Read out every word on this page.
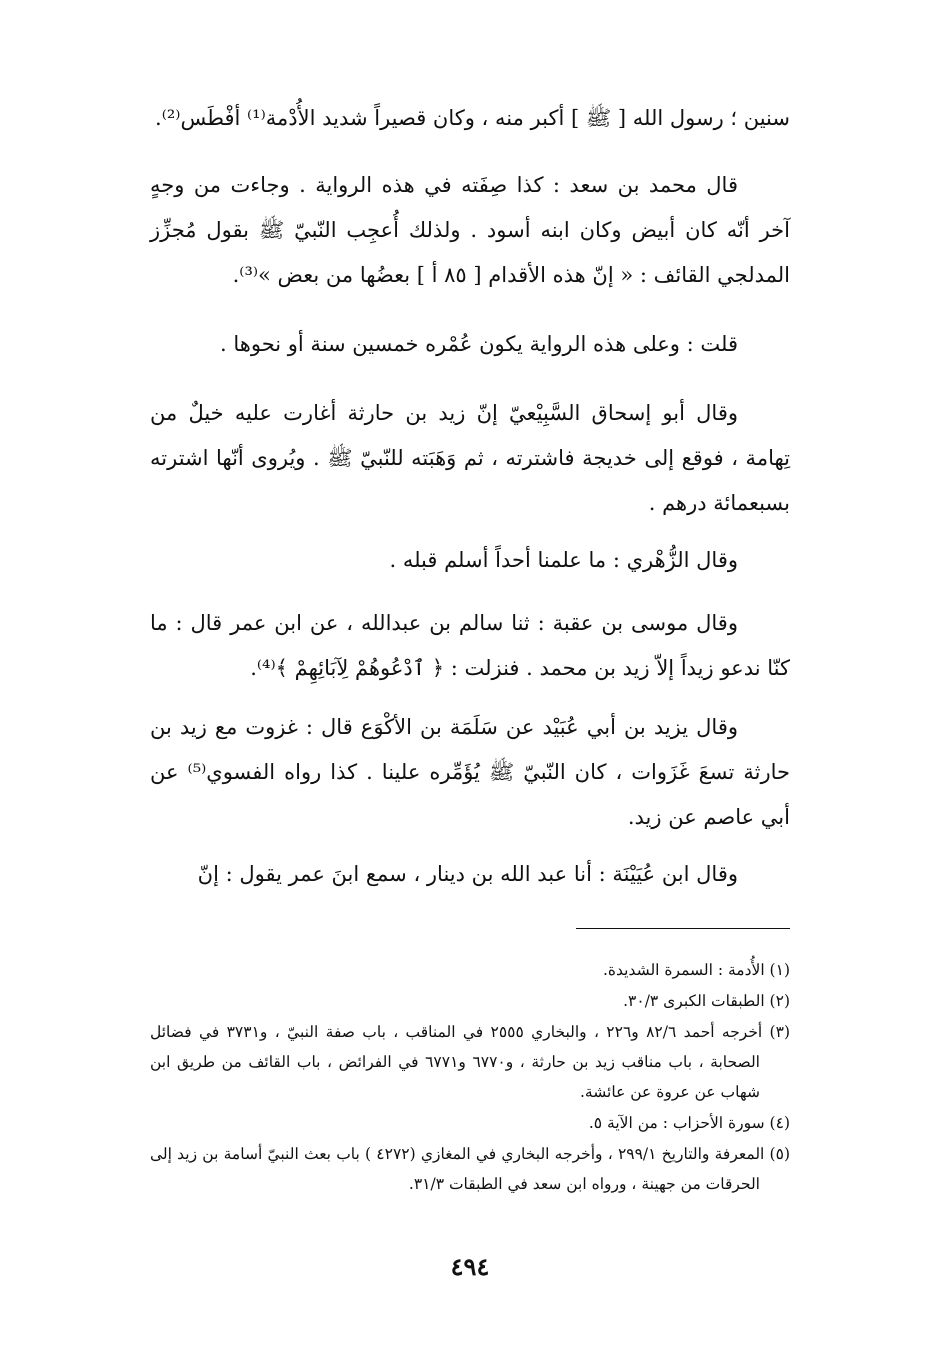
سنين ؛ رسول الله [ ﷺ ] أكبر منه ، وكان قصيراً شديد الأُدْمة⁽¹⁾ أفْطَس⁽²⁾.

قال محمد بن سعد : كذا صِفَته في هذه الرواية . وجاءت من وجهٍ آخر أنّه كان أبيض وكان ابنه أسود . ولذلك أُعجِب النّبيّ ﷺ بقول مُجزِّز المدلجي القائف : « إنّ هذه الأقدام [ ٨٥ أ ] بعضُها من بعض »⁽³⁾.

قلت : وعلى هذه الرواية يكون عُمْره خمسين سنة أو نحوها .

وقال أبو إسحاق السَّبِيْعيّ إنّ زيد بن حارثة أغارت عليه خيلٌ من تِهامة ، فوقع إلى خديجة فاشترته ، ثم وَهَبَته للنّبيّ ﷺ . ويُروى أنّها اشترته بسبعمائة درهم .

وقال الزُّهْري : ما علمنا أحداً أسلم قبله .

وقال موسى بن عقبة : ثنا سالم بن عبدالله ، عن ابن عمر قال : ما كنّا ندعو زيداً إلاّ زيد بن محمد . فنزلت : ﴿ ٱدْعُوهُمْ لِآبَائِهِمْ ﴾⁽⁴⁾.

وقال يزيد بن أبي عُبَيْد عن سَلَمَة بن الأكْوَع قال : غزوت مع زيد بن حارثة تسعَ غَزَوات ، كان النّبيّ ﷺ يُؤَمِّره علينا . كذا رواه الفسوي⁽⁵⁾ عن أبي عاصم عن زيد.

وقال ابن عُيَيْنَة : أنا عبد الله بن دينار ، سمع ابنَ عمر يقول : إنّ

(١) الأُدمة : السمرة الشديدة.

(٢) الطبقات الكبرى ٣٠/٣.

(٣) أخرجه أحمد ٨٢/٦ و٢٢٦ ، والبخاري ٢٥٥٥ في المناقب ، باب صفة النبيّ ، و٣٧٣١ في فضائل الصحابة ، باب مناقب زيد بن حارثة ، و٦٧٧٠ و٦٧٧١ في الفرائض ، باب القائف من طريق ابن شهاب عن عروة عن عائشة.

(٤) سورة الأحزاب : من الآية ٥.

(٥) المعرفة والتاريخ ٢٩٩/١ ، وأخرجه البخاري في المغازي (٤٢٧٢ ) باب بعث النبيّ أسامة بن زيد إلى الحرقات من جهينة ، ورواه ابن سعد في الطبقات ٣١/٣.

٤٩٤
